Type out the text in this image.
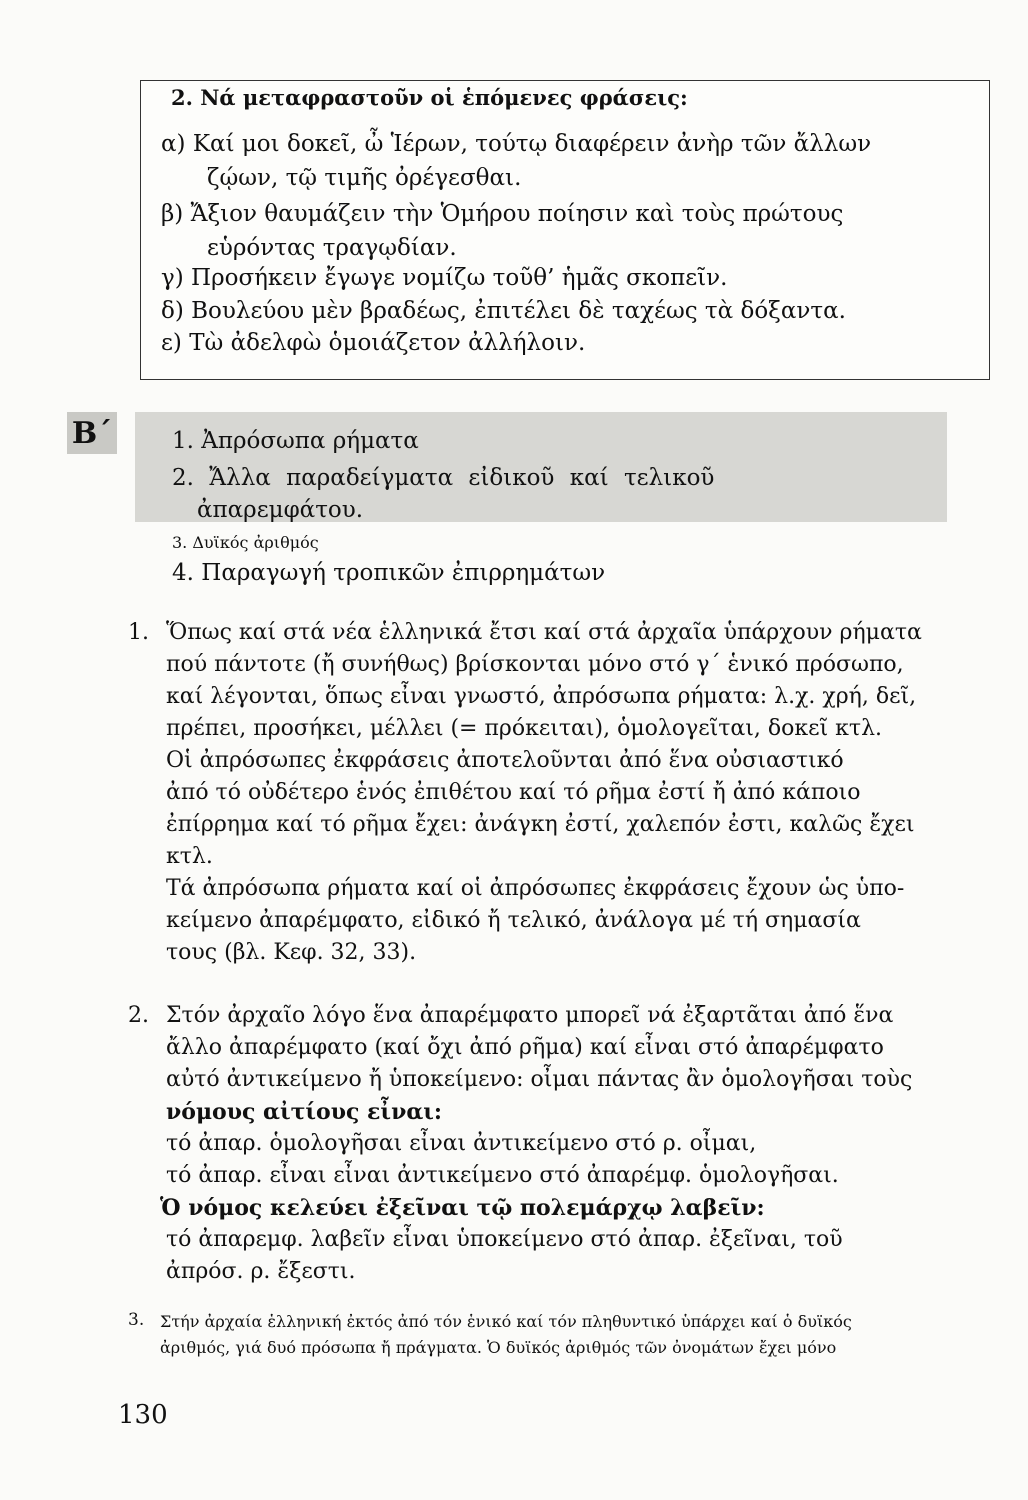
2. Νά μεταφραστοῦν οἱ ἑπόμενες φράσεις:
α) Καί μοι δοκεῖ, ὦ Ἱέρων, τούτῳ διαφέρειν ἀνὴρ τῶν ἄλλων
ζῴων, τῷ τιμῆς ὀρέγεσθαι.
β) Ἄξιον θαυμάζειν τὴν Ὁμήρου ποίησιν καὶ τοὺς πρώτους
εὑρόντας τραγῳδίαν.
γ) Προσήκειν ἔγωγε νομίζω τοῦθ’ ἡμᾶς σκοπεῖν.
δ) Βουλεύου μὲν βραδέως, ἐπιτέλει δὲ ταχέως τὰ δόξαντα.
ε) Τὼ ἀδελφὼ ὁμοιάζετον ἀλλήλοιν.
Β΄	1. Ἀπρόσωπα ρήματα
2. Ἄλλα παραδείγματα εἰδικοῦ καί τελικοῦ
ἀπαρεμφάτου.
3. Δυϊκός ἀριθμός
4. Παραγωγή τροπικῶν ἐπιρρημάτων
1. Ὅπως καί στά νέα ἑλληνικά ἔτσι καί στά ἀρχαῖα ὑπάρχουν ρήματα
πού πάντοτε (ἤ συνήθως) βρίσκονται μόνο στό γ΄ ἑνικό πρόσωπο,
καί λέγονται, ὅπως εἶναι γνωστό, ἀπρόσωπα ρήματα: λ.χ. χρή, δεῖ,
πρέπει, προσήκει, μέλλει (= πρόκειται), ὁμολογεῖται, δοκεῖ κτλ.
Οἱ ἀπρόσωπες ἐκφράσεις ἀποτελοῦνται ἀπό ἕνα οὐσιαστικό
ἀπό τό οὐδέτερο ἑνός ἐπιθέτου καί τό ρῆμα ἐστί ἤ ἀπό κάποιο
ἐπίρρημα καί τό ρῆμα ἔχει: ἀνάγκη ἐστί, χαλεπόν ἐστι, καλῶς ἔχει
κτλ.
Τά ἀπρόσωπα ρήματα καί οἱ ἀπρόσωπες ἐκφράσεις ἔχουν ὡς ὑπο-
κείμενο ἀπαρέμφατο, εἰδικό ἤ τελικό, ἀνάλογα μέ τή σημασία
τους (βλ. Κεφ. 32, 33).
2. Στόν ἀρχαῖο λόγο ἕνα ἀπαρέμφατο μπορεῖ νά ἐξαρτᾶται ἀπό ἕνα
ἄλλο ἀπαρέμφατο (καί ὄχι ἀπό ρῆμα) καί εἶναι στό ἀπαρέμφατο
αὐτό ἀντικείμενο ἤ ὑποκείμενο: οἶμαι πάντας ἂν ὁμολογῆσαι τοὺς
νόμους αἰτίους εἶναι:
τό ἀπαρ. ὁμολογῆσαι εἶναι ἀντικείμενο στό ρ. οἶμαι,
τό ἀπαρ. εἶναι εἶναι ἀντικείμενο στό ἀπαρέμφ. ὁμολογῆσαι.
Ὁ νόμος κελεύει ἐξεῖναι τῷ πολεμάρχῳ λαβεῖν:
τό ἀπαρεμφ. λαβεῖν εἶναι ὑποκείμενο στό ἀπαρ. ἐξεῖναι, τοῦ
ἀπρόσ. ρ. ἔξεστι.
3. Στήν ἀρχαία ἑλληνική ἐκτός ἀπό τόν ἑνικό καί τόν πληθυντικό ὑπάρχει καί ὁ δυϊκός
ἀριθμός, γιά δυό πρόσωπα ἤ πράγματα. Ὁ δυϊκός ἀριθμός τῶν ὀνομάτων ἔχει μόνο
130
